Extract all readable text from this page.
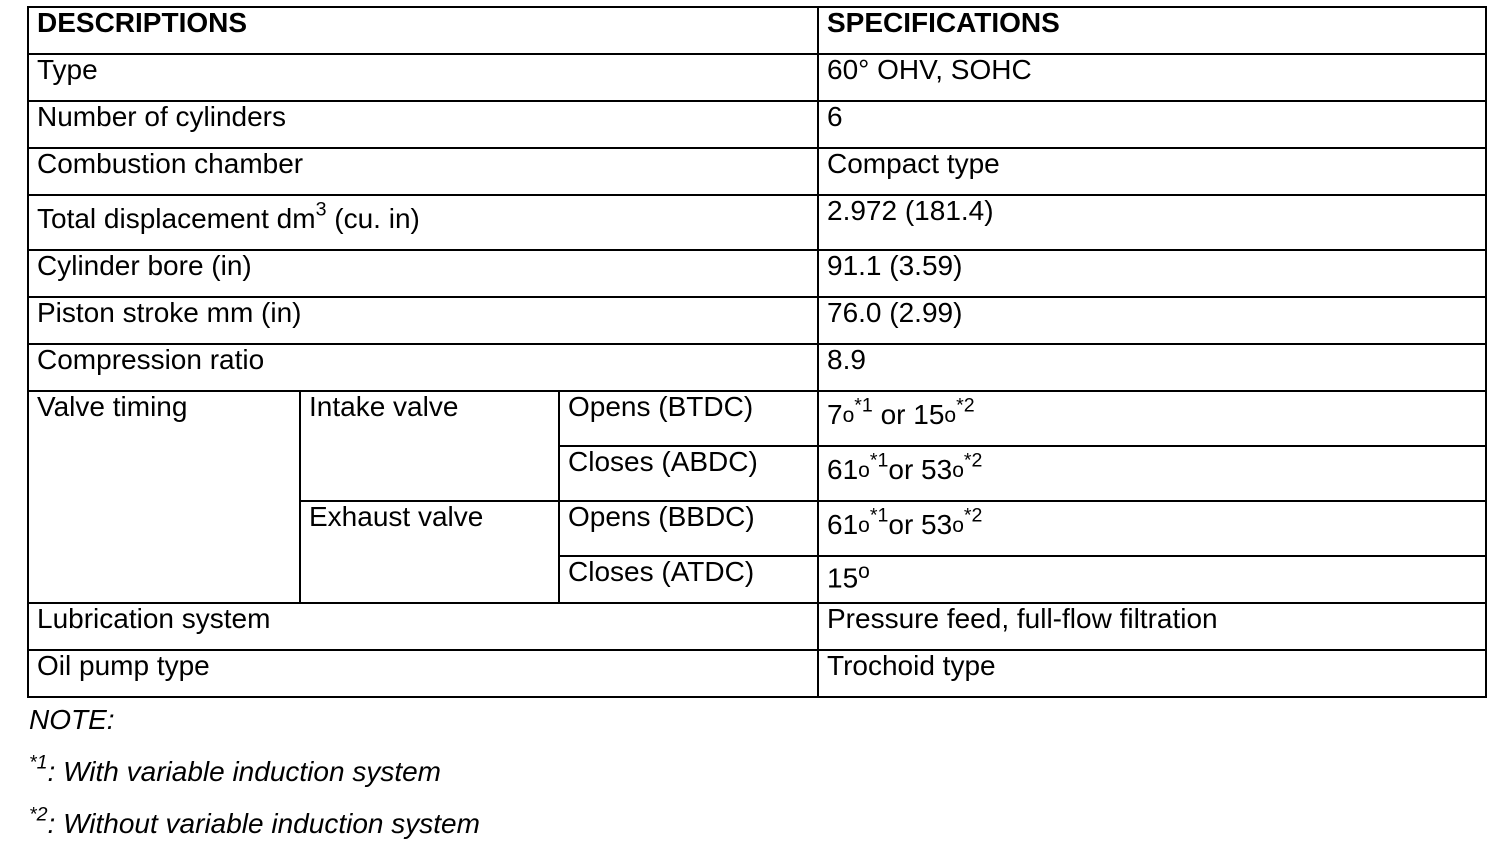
DESCRIPTIONS			SPECIFICATIONS
Type			60° OHV, SOHC
Number of cylinders			6
Combustion chamber			Compact type
Total displacement $dm^3$ (cu. in)			2.972 (181.4)
Cylinder bore (in)			91.1 (3.59)
Piston stroke mm (in)			76.0 (2.99)
Compression ratio			8.9
Valve timing	Intake valve	Opens (BTDC)	$7o^{*1}$ or $15o^{*2}$
		Closes (ABDC)	$61o^{*1}or$ $53o^{*2}$
	Exhaust valve	Opens (BBDC)	$61o^{*1}or$ $53o^{*2}$
		Closes (ATDC)	15$^o$
Lubrication system			Pressure feed, full-flow filtration
Oil pump type			Trochoid type
NOTE:
$^{*1}$: With variable induction system
$^{*2}$: Without variable induction system
